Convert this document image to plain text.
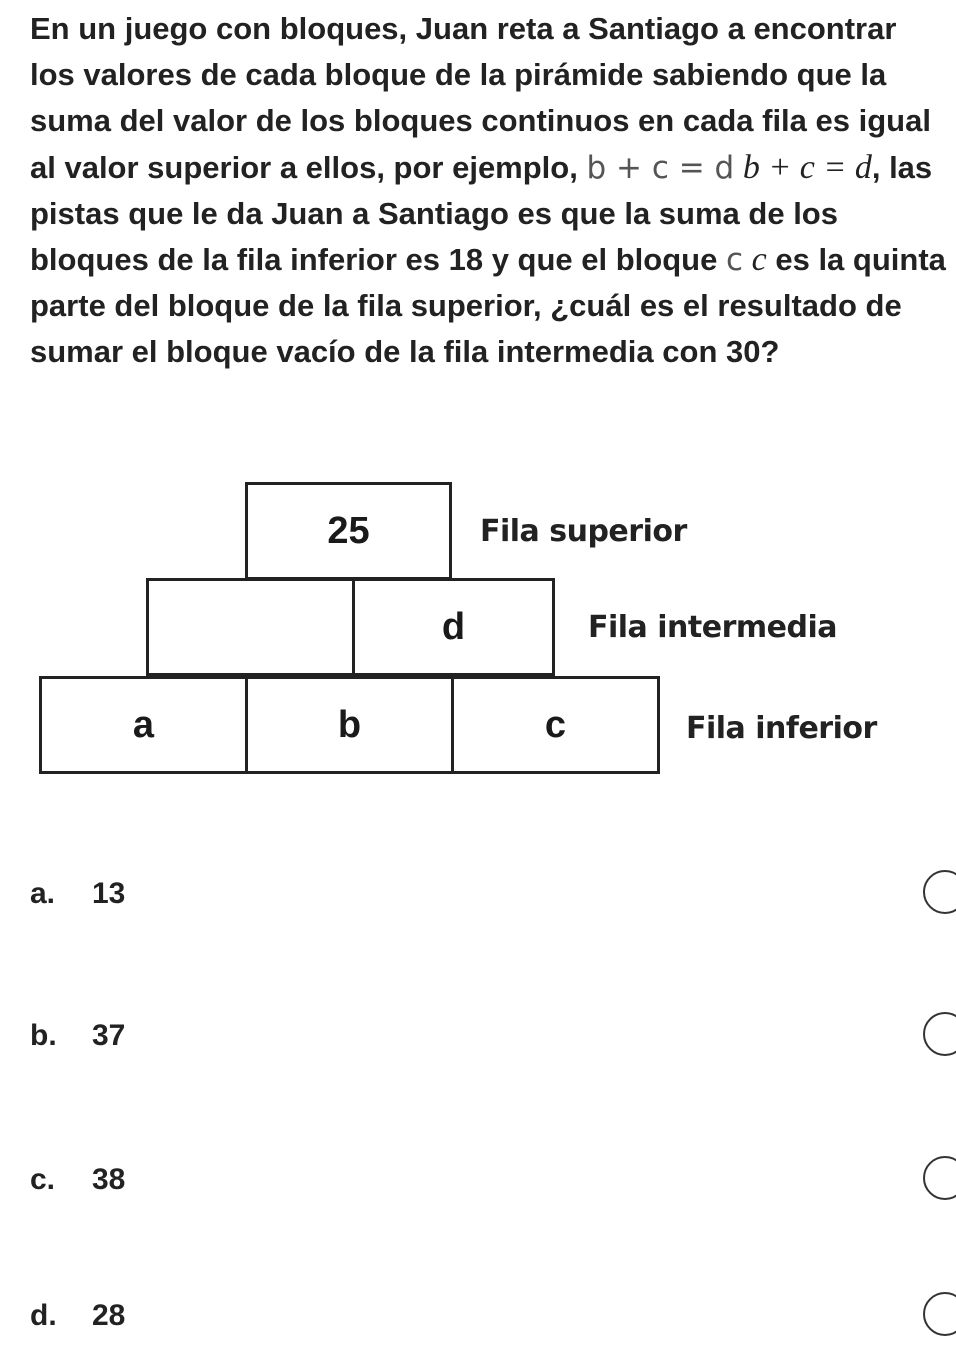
En un juego con bloques, Juan reta a Santiago a encontrar los valores de cada bloque de la pirámide sabiendo que la suma del valor de los bloques continuos en cada fila es igual al valor superior a ellos, por ejemplo, b + c = d b + c = d, las pistas que le da Juan a Santiago es que la suma de los bloques de la fila inferior es 18 y que el bloque c c es la quinta parte del bloque de la fila superior, ¿cuál es el resultado de sumar el bloque vacío de la fila intermedia con 30?
25
d
a	b	c
Fila superior
Fila intermedia
Fila inferior
a.	13
b.	37
c.	38
d.	28
